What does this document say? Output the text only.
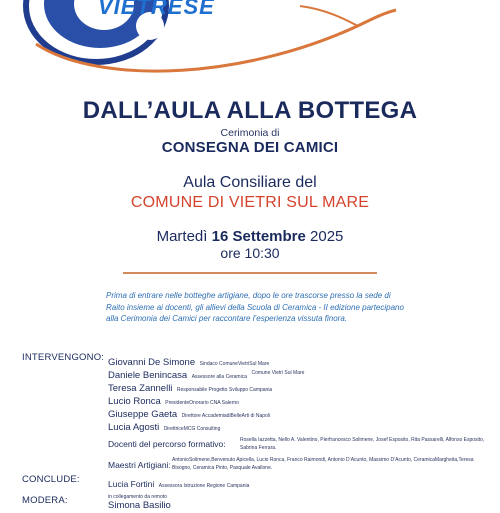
VIETRESE
DALL’AULA ALLA BOTTEGA
Cerimonia di
CONSEGNA DEI CAMICI
Aula Consiliare del
COMUNE DI VIETRI SUL MARE
Martedì 16 Settembre 2025
ore 10:30
Prima di entrare nelle botteghe artigiane, dopo le ore trascorse presso la sede di Raito insieme ai docenti, gli allievi della Scuola di Ceramica - II edizione partecipano alla Cerimonia dei Camici per raccontare l’esperienza vissuta finora.
INTERVENGONO: Giovanni De Simone Sindaco ComuneVietriSul Mare
Daniele Benincasa Assessore alla Ceramica $^{Comune Vietri Sul Mare}$
Teresa Zannelli Responsabile Progetto Sviluppo Campania
Lucio Ronca PresidenteOnorario CNA Salerno
Giuseppe Gaeta Direttore AccademiadiBelleArti di Napoli
Lucia Agosti DirettriceMCG Consulting
Docenti del percorso formativo:	Rosella Iazzetta, Nello A. Valentino, Pierfrancesco Solimene, Josef Esposito, Rita Passarelli, Alfonso Esposito, Sabrina Ferrara.
Maestri Artigiani: AntonioSolimene,Benvenuto Apicella, Lucio Ronca, Franco Raimondi, Antonio D’Acunto, Massimo D’Acunto, CeramicaMargheita,Teresa Bisogno, Ceramica Pinto, Pasquale Avallone.
CONCLUDE:	Lucia Fortini Assessora Istruzione Regione Campania
in collegamento da remoto
MODERA:	Simona Basilio
